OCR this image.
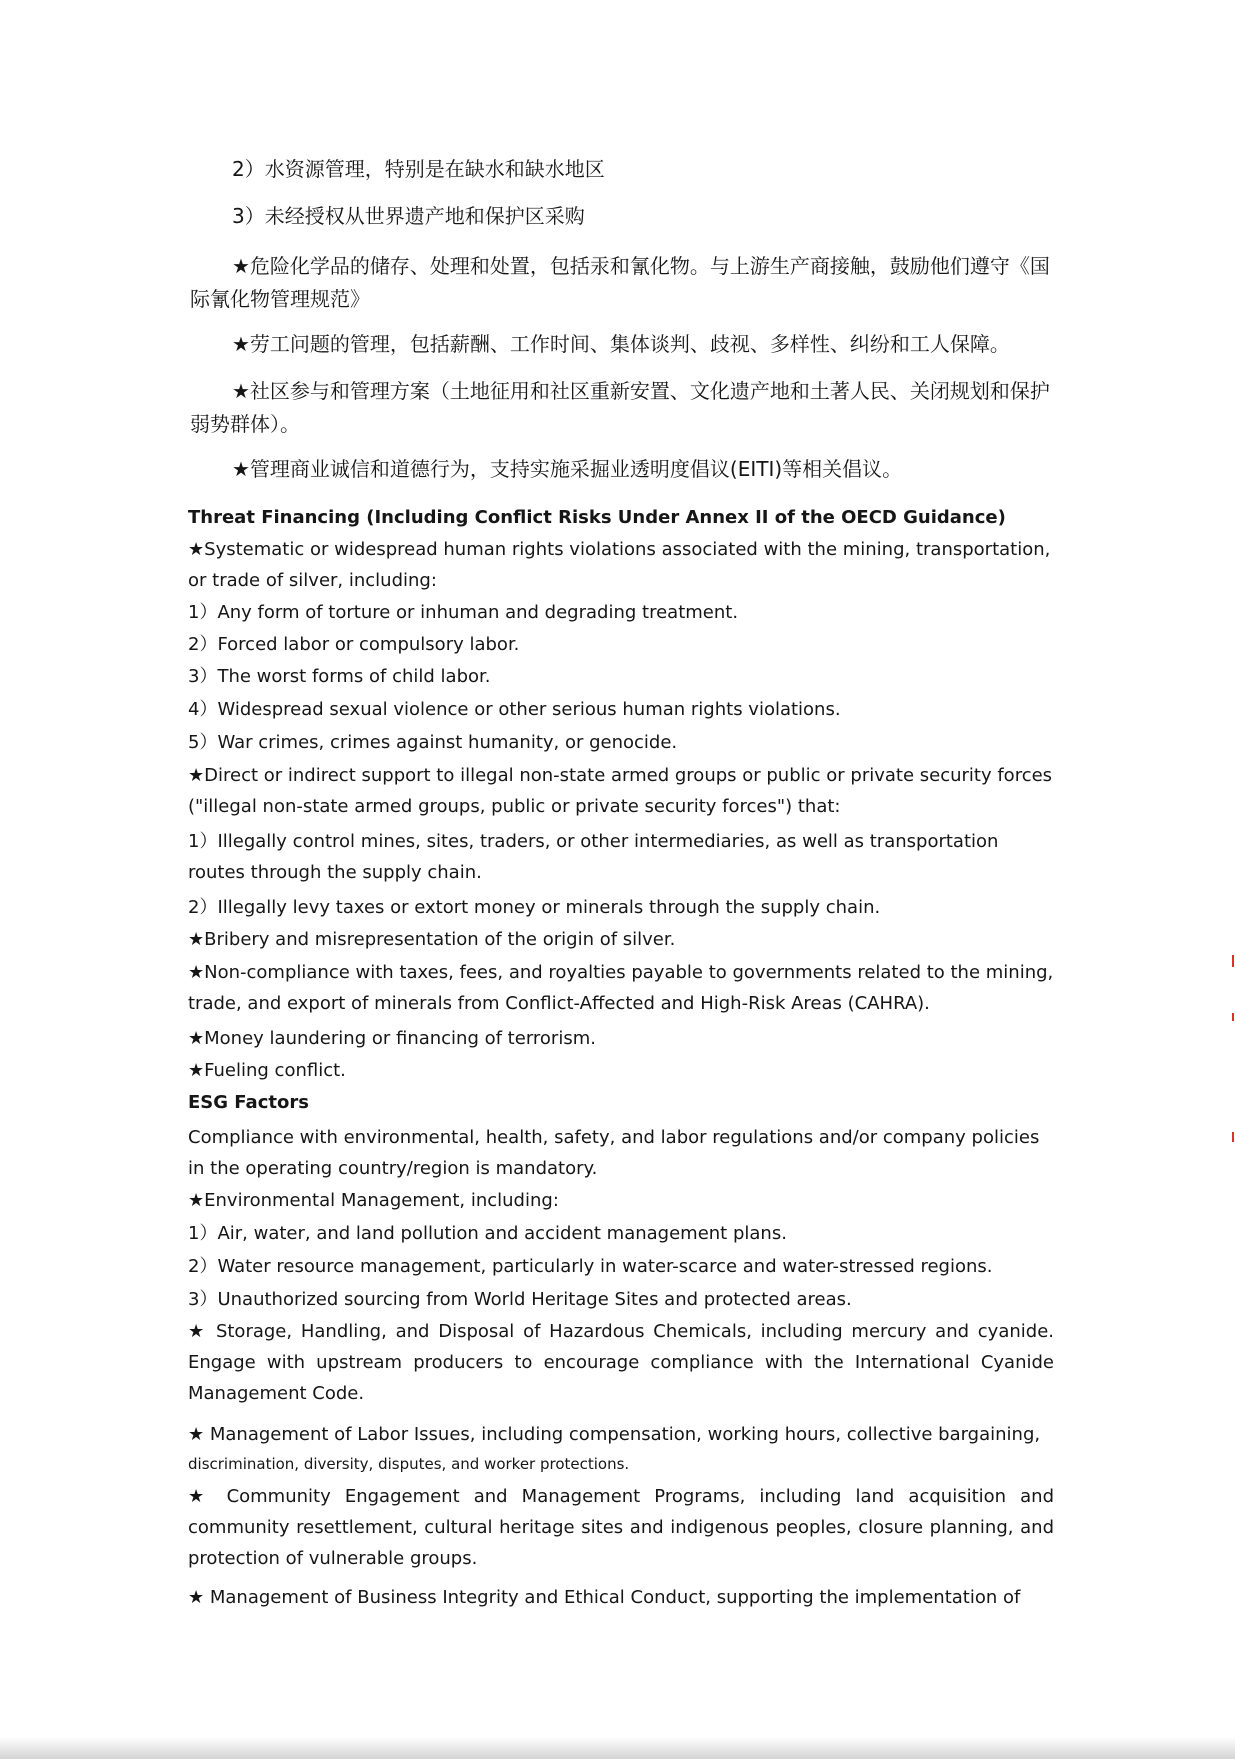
2）水资源管理，特别是在缺水和缺水地区
3）未经授权从世界遗产地和保护区采购
★危险化学品的储存、处理和处置，包括汞和氰化物。与上游生产商接触，鼓励他们遵守《国际氰化物管理规范》
★劳工问题的管理，包括薪酬、工作时间、集体谈判、歧视、多样性、纠纷和工人保障。
★社区参与和管理方案（土地征用和社区重新安置、文化遗产地和土著人民、关闭规划和保护弱势群体）。
★管理商业诚信和道德行为，支持实施采掘业透明度倡议(EITI)等相关倡议。
Threat Financing (Including Conflict Risks Under Annex II of the OECD Guidance)
★Systematic or widespread human rights violations associated with the mining, transportation, or trade of silver, including:
1）Any form of torture or inhuman and degrading treatment.
2）Forced labor or compulsory labor.
3）The worst forms of child labor.
4）Widespread sexual violence or other serious human rights violations.
5）War crimes, crimes against humanity, or genocide.
★Direct or indirect support to illegal non-state armed groups or public or private security forces ("illegal non-state armed groups, public or private security forces") that:
1）Illegally control mines, sites, traders, or other intermediaries, as well as transportation routes through the supply chain.
2）Illegally levy taxes or extort money or minerals through the supply chain.
★Bribery and misrepresentation of the origin of silver.
★Non-compliance with taxes, fees, and royalties payable to governments related to the mining, trade, and export of minerals from Conflict-Affected and High-Risk Areas (CAHRA).
★Money laundering or financing of terrorism.
★Fueling conflict.
ESG Factors
Compliance with environmental, health, safety, and labor regulations and/or company policies in the operating country/region is mandatory.
★Environmental Management, including:
1）Air, water, and land pollution and accident management plans.
2）Water resource management, particularly in water-scarce and water-stressed regions.
3）Unauthorized sourcing from World Heritage Sites and protected areas.
★ Storage, Handling, and Disposal of Hazardous Chemicals, including mercury and cyanide. Engage with upstream producers to encourage compliance with the International Cyanide Management Code.
★ Management of Labor Issues, including compensation, working hours, collective bargaining,
discrimination, diversity, disputes, and worker protections.
★ Community Engagement and Management Programs, including land acquisition and community resettlement, cultural heritage sites and indigenous peoples, closure planning, and protection of vulnerable groups.
★ Management of Business Integrity and Ethical Conduct, supporting the implementation of
